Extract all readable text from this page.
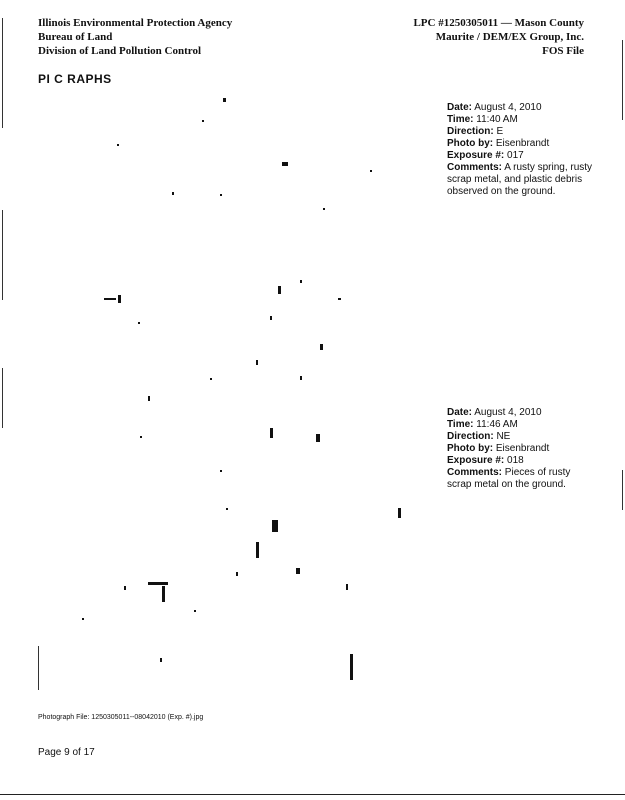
Illinois Environmental Protection Agency
Bureau of Land
Division of Land Pollution Control
LPC #1250305011 — Mason County
Maurite / DEM/EX Group, Inc.
FOS File
PI C RAPHS
Date: August 4, 2010
Time: 11:40 AM
Direction: E
Photo by: Eisenbrandt
Exposure #: 017
Comments: A rusty spring, rusty scrap metal, and plastic debris observed on the ground.
Date: August 4, 2010
Time: 11:46 AM
Direction: NE
Photo by: Eisenbrandt
Exposure #: 018
Comments: Pieces of rusty scrap metal on the ground.
Photograph File: 1250305011--08042010 (Exp. #).jpg
Page 9 of 17
